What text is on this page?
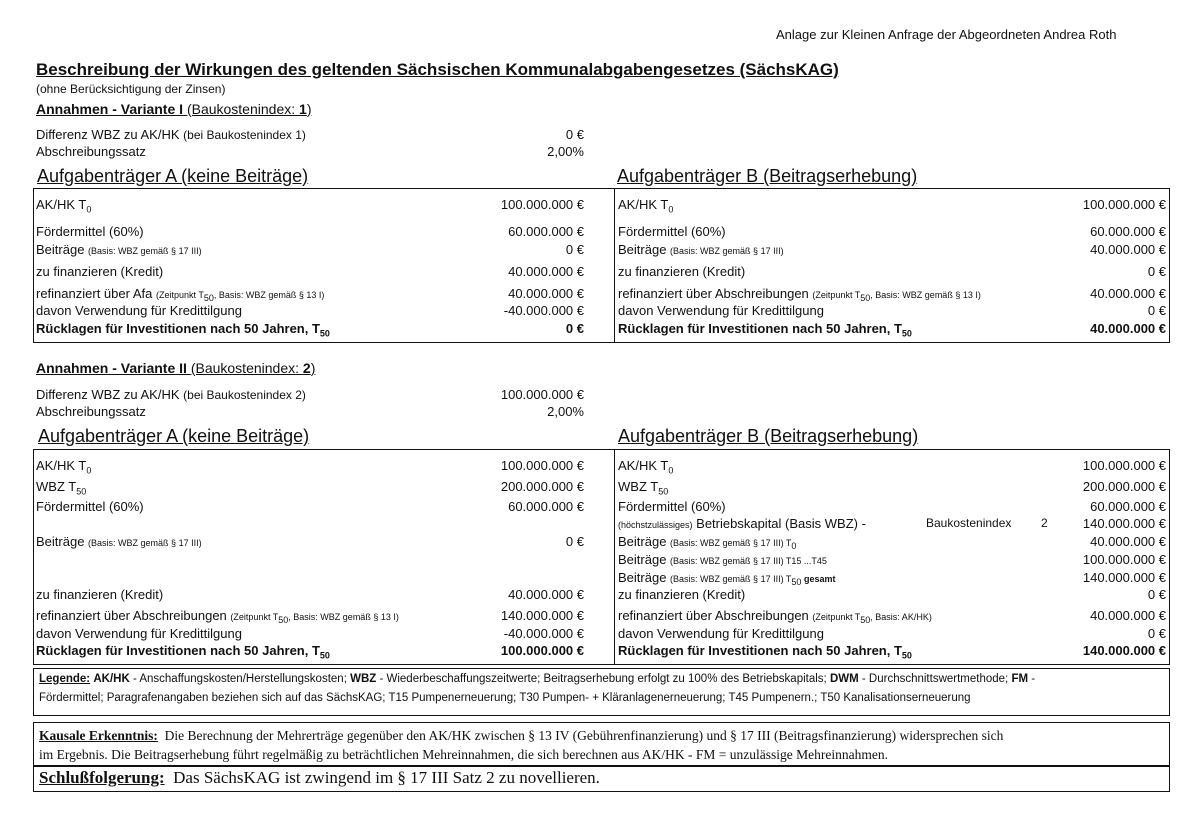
Anlage zur Kleinen Anfrage der Abgeordneten Andrea Roth
Beschreibung der Wirkungen des geltenden Sächsischen Kommunalabgabengesetzes (SächsKAG)
(ohne Berücksichtigung der Zinsen)
Annahmen - Variante I (Baukostenindex: 1)
Differenz WBZ zu AK/HK (bei Baukostenindex 1)	0 €
Abschreibungssatz	2,00%
Aufgabenträger A (keine Beiträge)	Aufgabenträger B (Beitragserhebung)
AK/HK $T_0$	100.000.000 €
Fördermittel (60%)	60.000.000 €
Beiträge (Basis: WBZ gemäß § 17 III)	0 €
zu finanzieren (Kredit)	40.000.000 €
refinanziert über Afa (Zeitpunkt $T_{50}$, Basis: WBZ gemäß § 13 I)	40.000.000 €
davon Verwendung für Kredittilgung	-40.000.000 €
Rücklagen für Investitionen nach 50 Jahren, $T_{50}$	0 €
AK/HK $T_0$	100.000.000 €
Fördermittel (60%)	60.000.000 €
Beiträge (Basis: WBZ gemäß § 17 III)	40.000.000 €
zu finanzieren (Kredit)	0 €
refinanziert über Abschreibungen (Zeitpunkt $T_{50}$, Basis: WBZ gemäß § 13 I)	40.000.000 €
davon Verwendung für Kredittilgung	0 €
Rücklagen für Investitionen nach 50 Jahren, $T_{50}$	40.000.000 €
Annahmen - Variante II (Baukostenindex: 2)
Differenz WBZ zu AK/HK (bei Baukostenindex 2)	100.000.000 €
Abschreibungssatz	2,00%
Aufgabenträger A (keine Beiträge)	Aufgabenträger B (Beitragserhebung)
AK/HK $T_0$	100.000.000 €
WBZ $T_{50}$	200.000.000 €
Fördermittel (60%)	60.000.000 €
Beiträge (Basis: WBZ gemäß § 17 III)	0 €
zu finanzieren (Kredit)	40.000.000 €
refinanziert über Abschreibungen (Zeitpunkt $T_{50}$, Basis: WBZ gemäß § 13 I)	140.000.000 €
davon Verwendung für Kredittilgung	-40.000.000 €
Rücklagen für Investitionen nach 50 Jahren, $T_{50}$	100.000.000 €
AK/HK $T_0$	100.000.000 €
WBZ $T_{50}$	200.000.000 €
Fördermittel (60%)	60.000.000 €
(höchstzulässiges) Betriebskapital (Basis WBZ) -	Baukostenindex 2	140.000.000 €
Beiträge (Basis: WBZ gemäß § 17 III) $T_0$	40.000.000 €
Beiträge (Basis: WBZ gemäß § 17 III) T15 ...T45	100.000.000 €
Beiträge (Basis: WBZ gemäß § 17 III) $T_{50}$ gesamt	140.000.000 €
zu finanzieren (Kredit)	0 €
refinanziert über Abschreibungen (Zeitpunkt $T_{50}$, Basis: AK/HK)	40.000.000 €
davon Verwendung für Kredittilgung	0 €
Rücklagen für Investitionen nach 50 Jahren, $T_{50}$	140.000.000 €
Legende: AK/HK - Anschaffungskosten/Herstellungskosten; WBZ - Wiederbeschaffungszeitwerte; Beitragserhebung erfolgt zu 100% des Betriebskapitals; DWM - Durchschnittswertmethode; FM -
Fördermittel; Paragrafenangaben beziehen sich auf das SächsKAG; T15 Pumpenerneuerung; T30 Pumpen- + Kläranlagenerneuerung; T45 Pumpenern.; T50 Kanalisationserneuerung
Kausale Erkenntnis: Die Berechnung der Mehrerträge gegenüber den AK/HK zwischen § 13 IV (Gebührenfinanzierung) und § 17 III (Beitragsfinanzierung) widersprechen sich
im Ergebnis. Die Beitragserhebung führt regelmäßig zu beträchtlichen Mehreinnahmen, die sich berechnen aus AK/HK - FM = unzulässige Mehreinnahmen.
Schlußfolgerung: Das SächsKAG ist zwingend im § 17 III Satz 2 zu novellieren.
